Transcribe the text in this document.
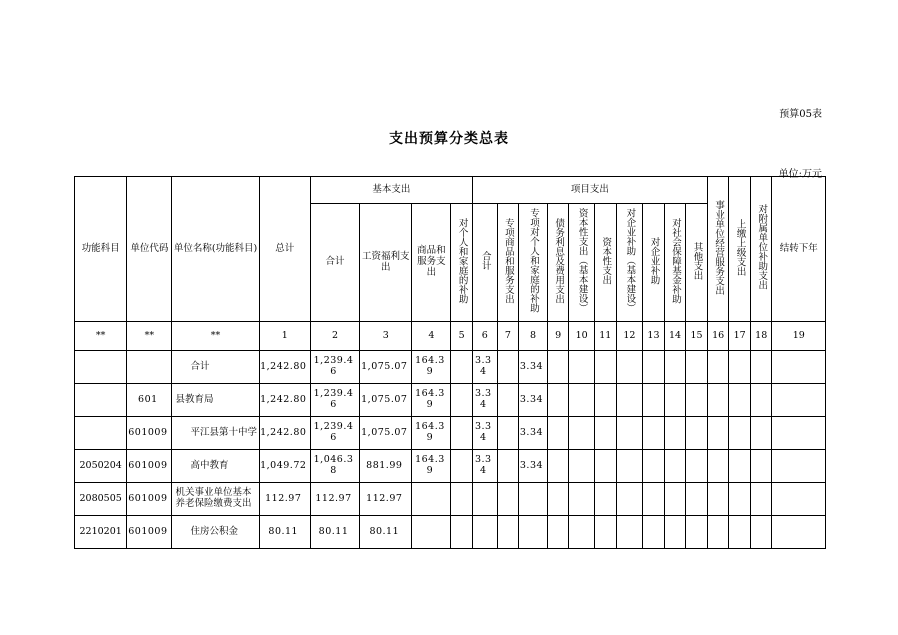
预算05表
支出预算分类总表
单位:万元
功能科目	单位代码	单位名称(功能科目)	总计	基本支出				项目支出										事业单位经营服务支出	上缴上级支出	对附属单位补助支出	结转下年
				合计	工资福利支出	商品和服务支出	对个人和家庭的补助	合计	专项商品和服务支出	专项对个人和家庭的补助	债务利息及费用支出	资本性支出（基本建设）	资本性支出	对企业补助（基本建设）	对企业补助	对社会保障基金补助	其他支出				
**	**	**	1	2	3	4	5	6	7	8	9	10	11	12	13	14	15	16	17	18	19
		合计	1,242.80	1,239.46	1,075.07	164.39		3.34		3.34											
	601	县教育局	1,242.80	1,239.46	1,075.07	164.39		3.34		3.34											
	601009	平江县第十中学	1,242.80	1,239.46	1,075.07	164.39		3.34		3.34											
2050204	601009	高中教育	1,049.72	1,046.38	881.99	164.39		3.34		3.34											
2080505	601009	机关事业单位基本养老保险缴费支出	112.97	112.97	112.97																
2210201	601009	住房公积金	80.11	80.11	80.11																
